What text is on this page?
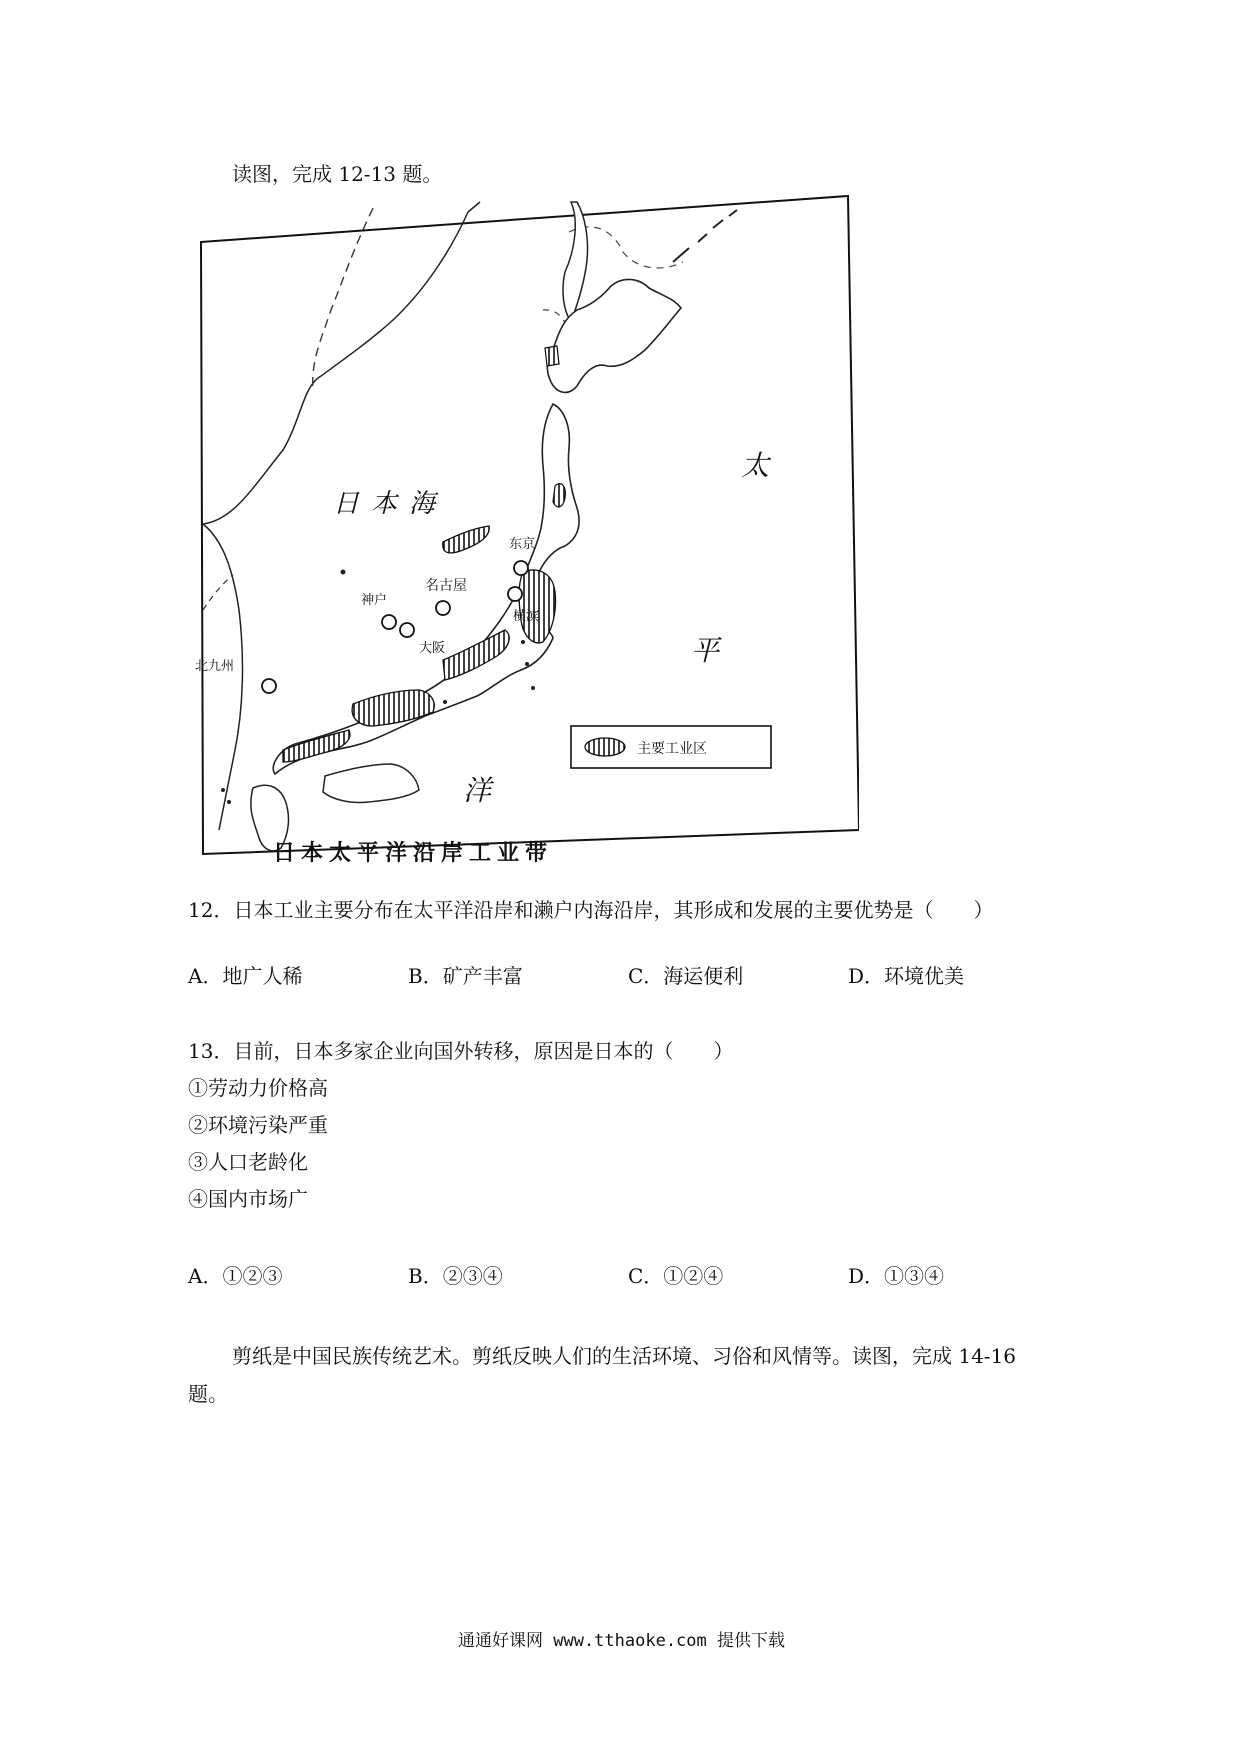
读图，完成 12-13 题。
日本海
太
平
洋
东京
名古屋
神户
大阪
北九州
横滨
主要工业区
日本太平洋沿岸工业带
12．日本工业主要分布在太平洋沿岸和濑户内海沿岸，其形成和发展的主要优势是（　　）
A．地广人稀	B．矿产丰富	C．海运便利	D．环境优美
13．目前，日本多家企业向国外转移，原因是日本的（　　）
①劳动力价格高
②环境污染严重
③人口老龄化
④国内市场广
A．①②③	B．②③④	C．①②④	D．①③④
剪纸是中国民族传统艺术。剪纸反映人们的生活环境、习俗和风情等。读图，完成 14-16
题。
通通好课网 www.tthaoke.com 提供下载
